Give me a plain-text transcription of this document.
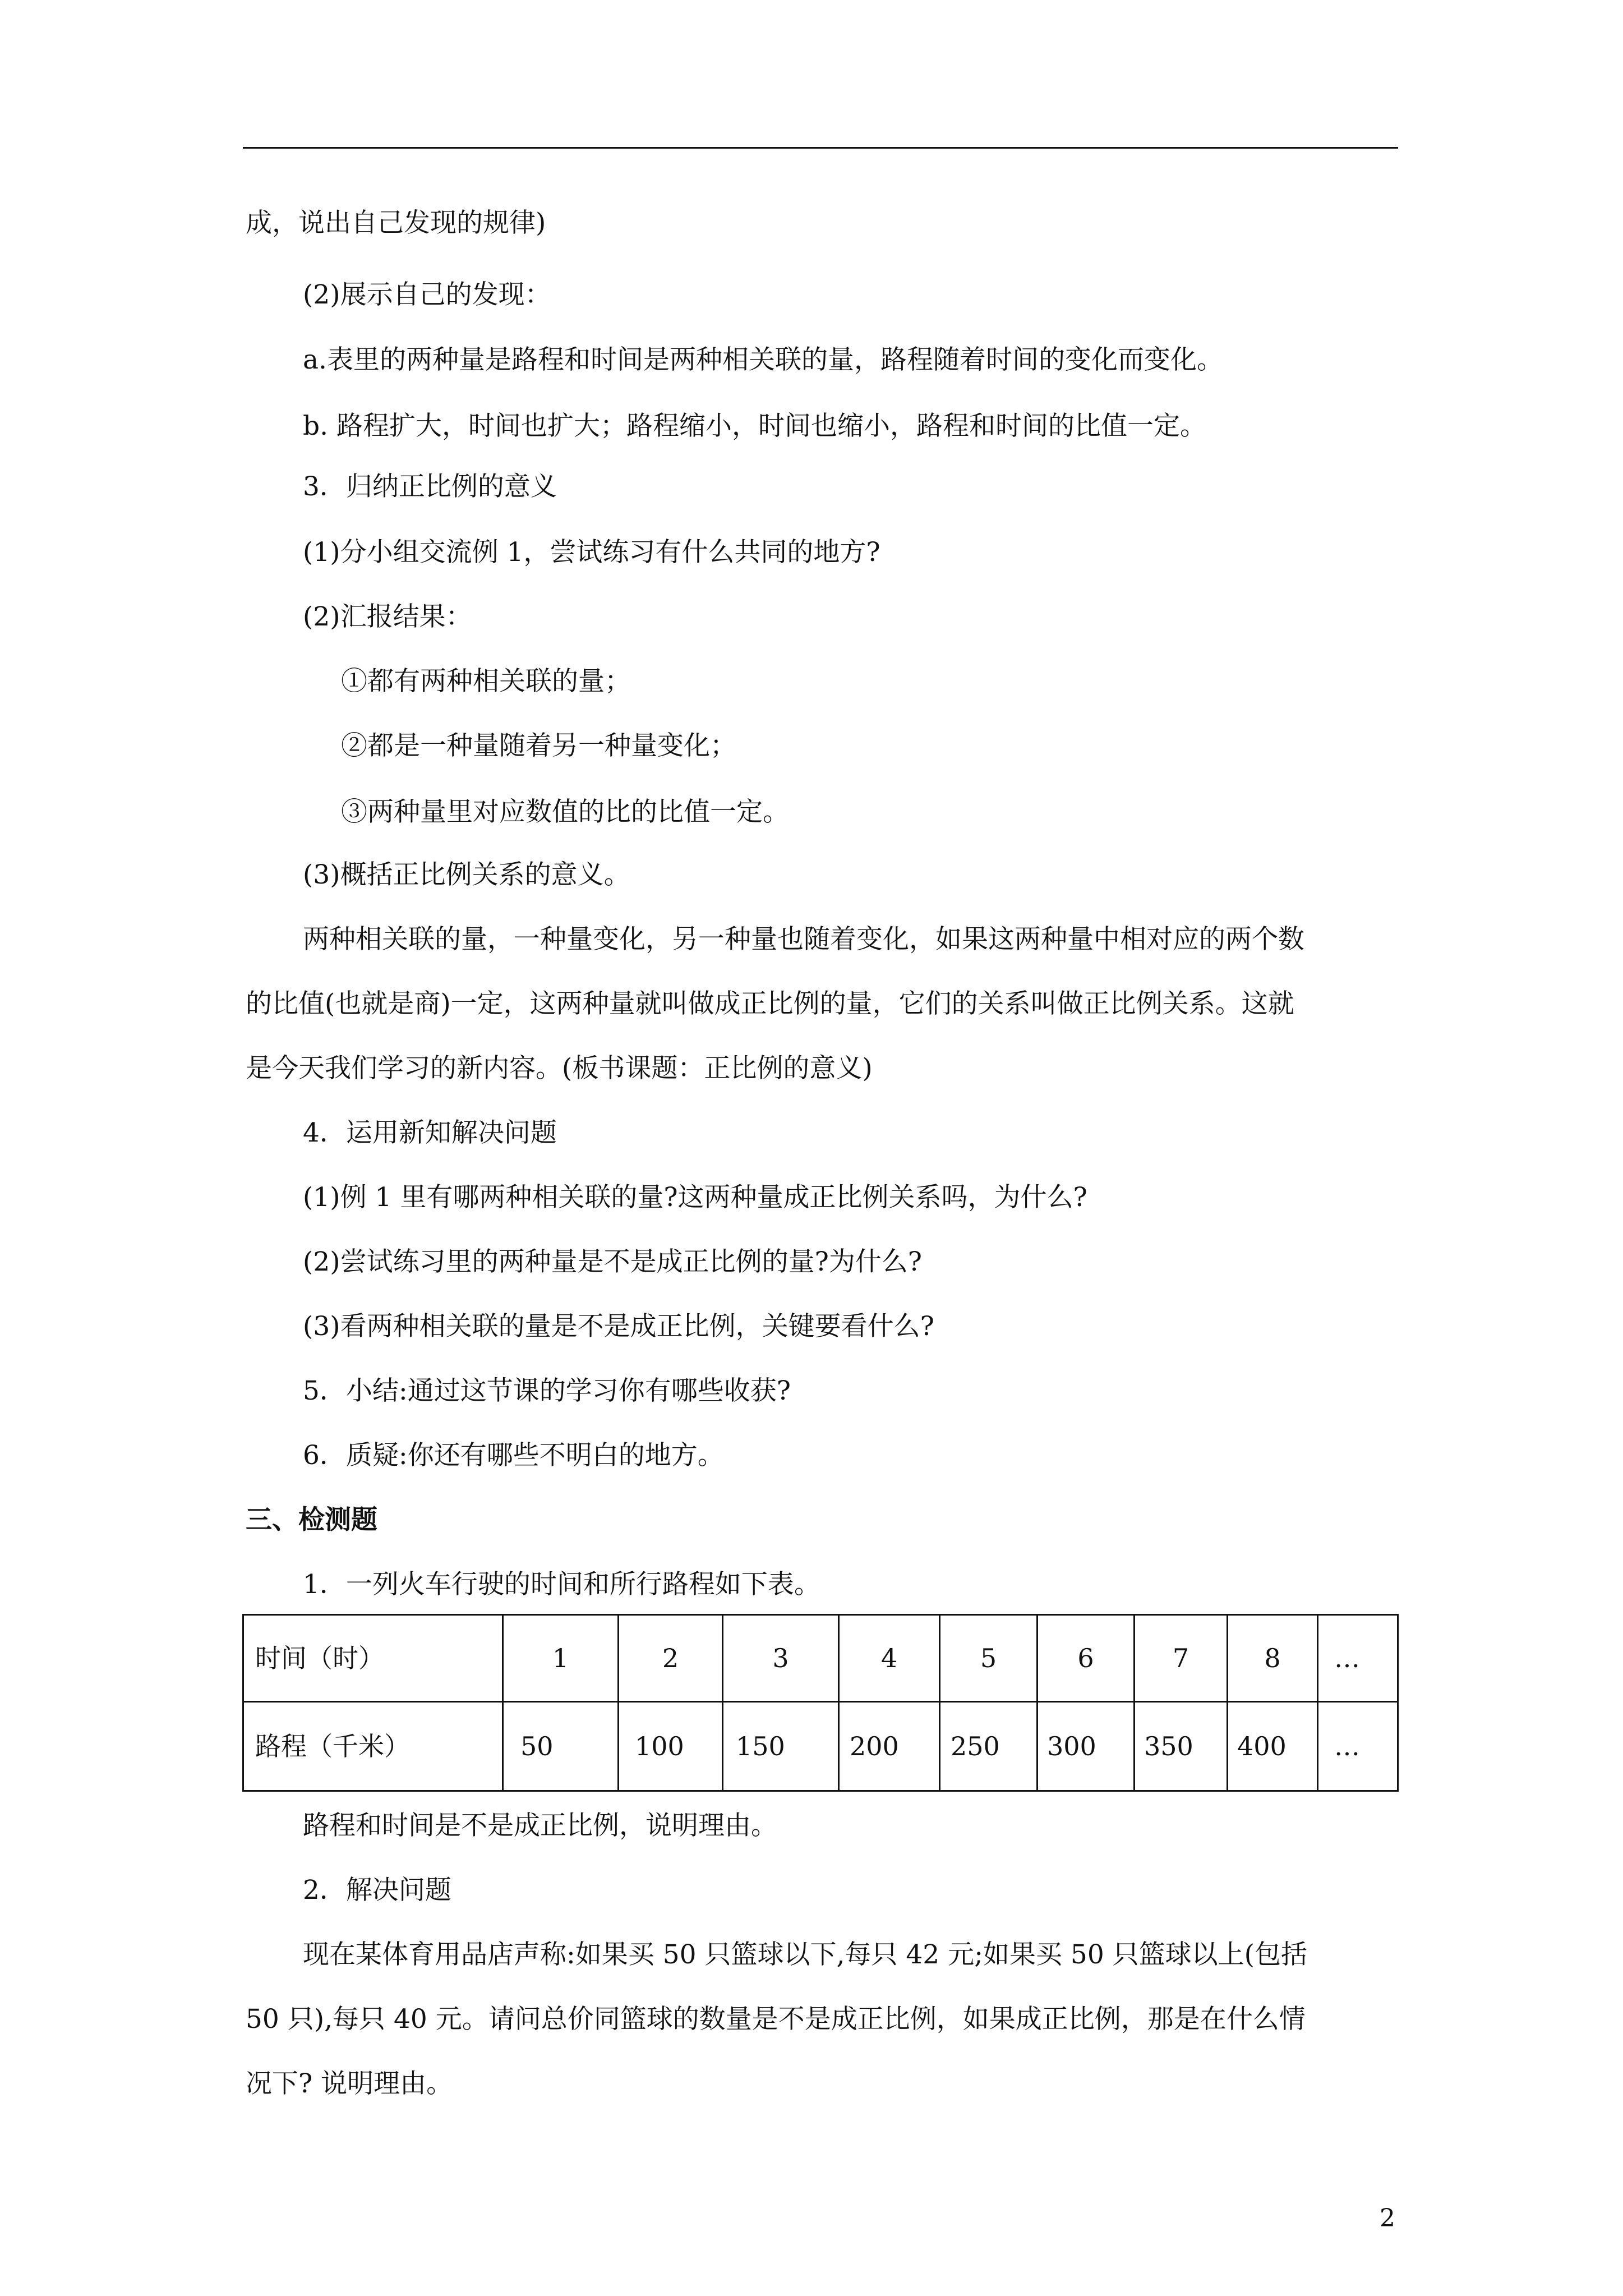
成，说出自己发现的规律)
(2)展示自己的发现：
a.表里的两种量是路程和时间是两种相关联的量，路程随着时间的变化而变化。
b. 路程扩大，时间也扩大；路程缩小，时间也缩小，路程和时间的比值一定。
3．归纳正比例的意义
(1)分小组交流例 1，尝试练习有什么共同的地方?
(2)汇报结果：
①都有两种相关联的量；
②都是一种量随着另一种量变化；
③两种量里对应数值的比的比值一定。
(3)概括正比例关系的意义。
两种相关联的量，一种量变化，另一种量也随着变化，如果这两种量中相对应的两个数
的比值(也就是商)一定，这两种量就叫做成正比例的量，它们的关系叫做正比例关系。这就
是今天我们学习的新内容。(板书课题：正比例的意义)
4．运用新知解决问题
(1)例 1 里有哪两种相关联的量?这两种量成正比例关系吗，为什么?
(2)尝试练习里的两种量是不是成正比例的量?为什么?
(3)看两种相关联的量是不是成正比例，关键要看什么?
5．小结:通过这节课的学习你有哪些收获?
6．质疑:你还有哪些不明白的地方。
三、检测题
1．一列火车行驶的时间和所行路程如下表。
时间（时）	1	2	3	4	5	6	7	8 …
路程（千米）	50	100 150	200 250 300 350 400 …
路程和时间是不是成正比例，说明理由。
2．解决问题
现在某体育用品店声称:如果买 50 只篮球以下,每只 42 元;如果买 50 只篮球以上(包括
50 只),每只 40 元。请问总价同篮球的数量是不是成正比例，如果成正比例，那是在什么情
况下? 说明理由。
2
